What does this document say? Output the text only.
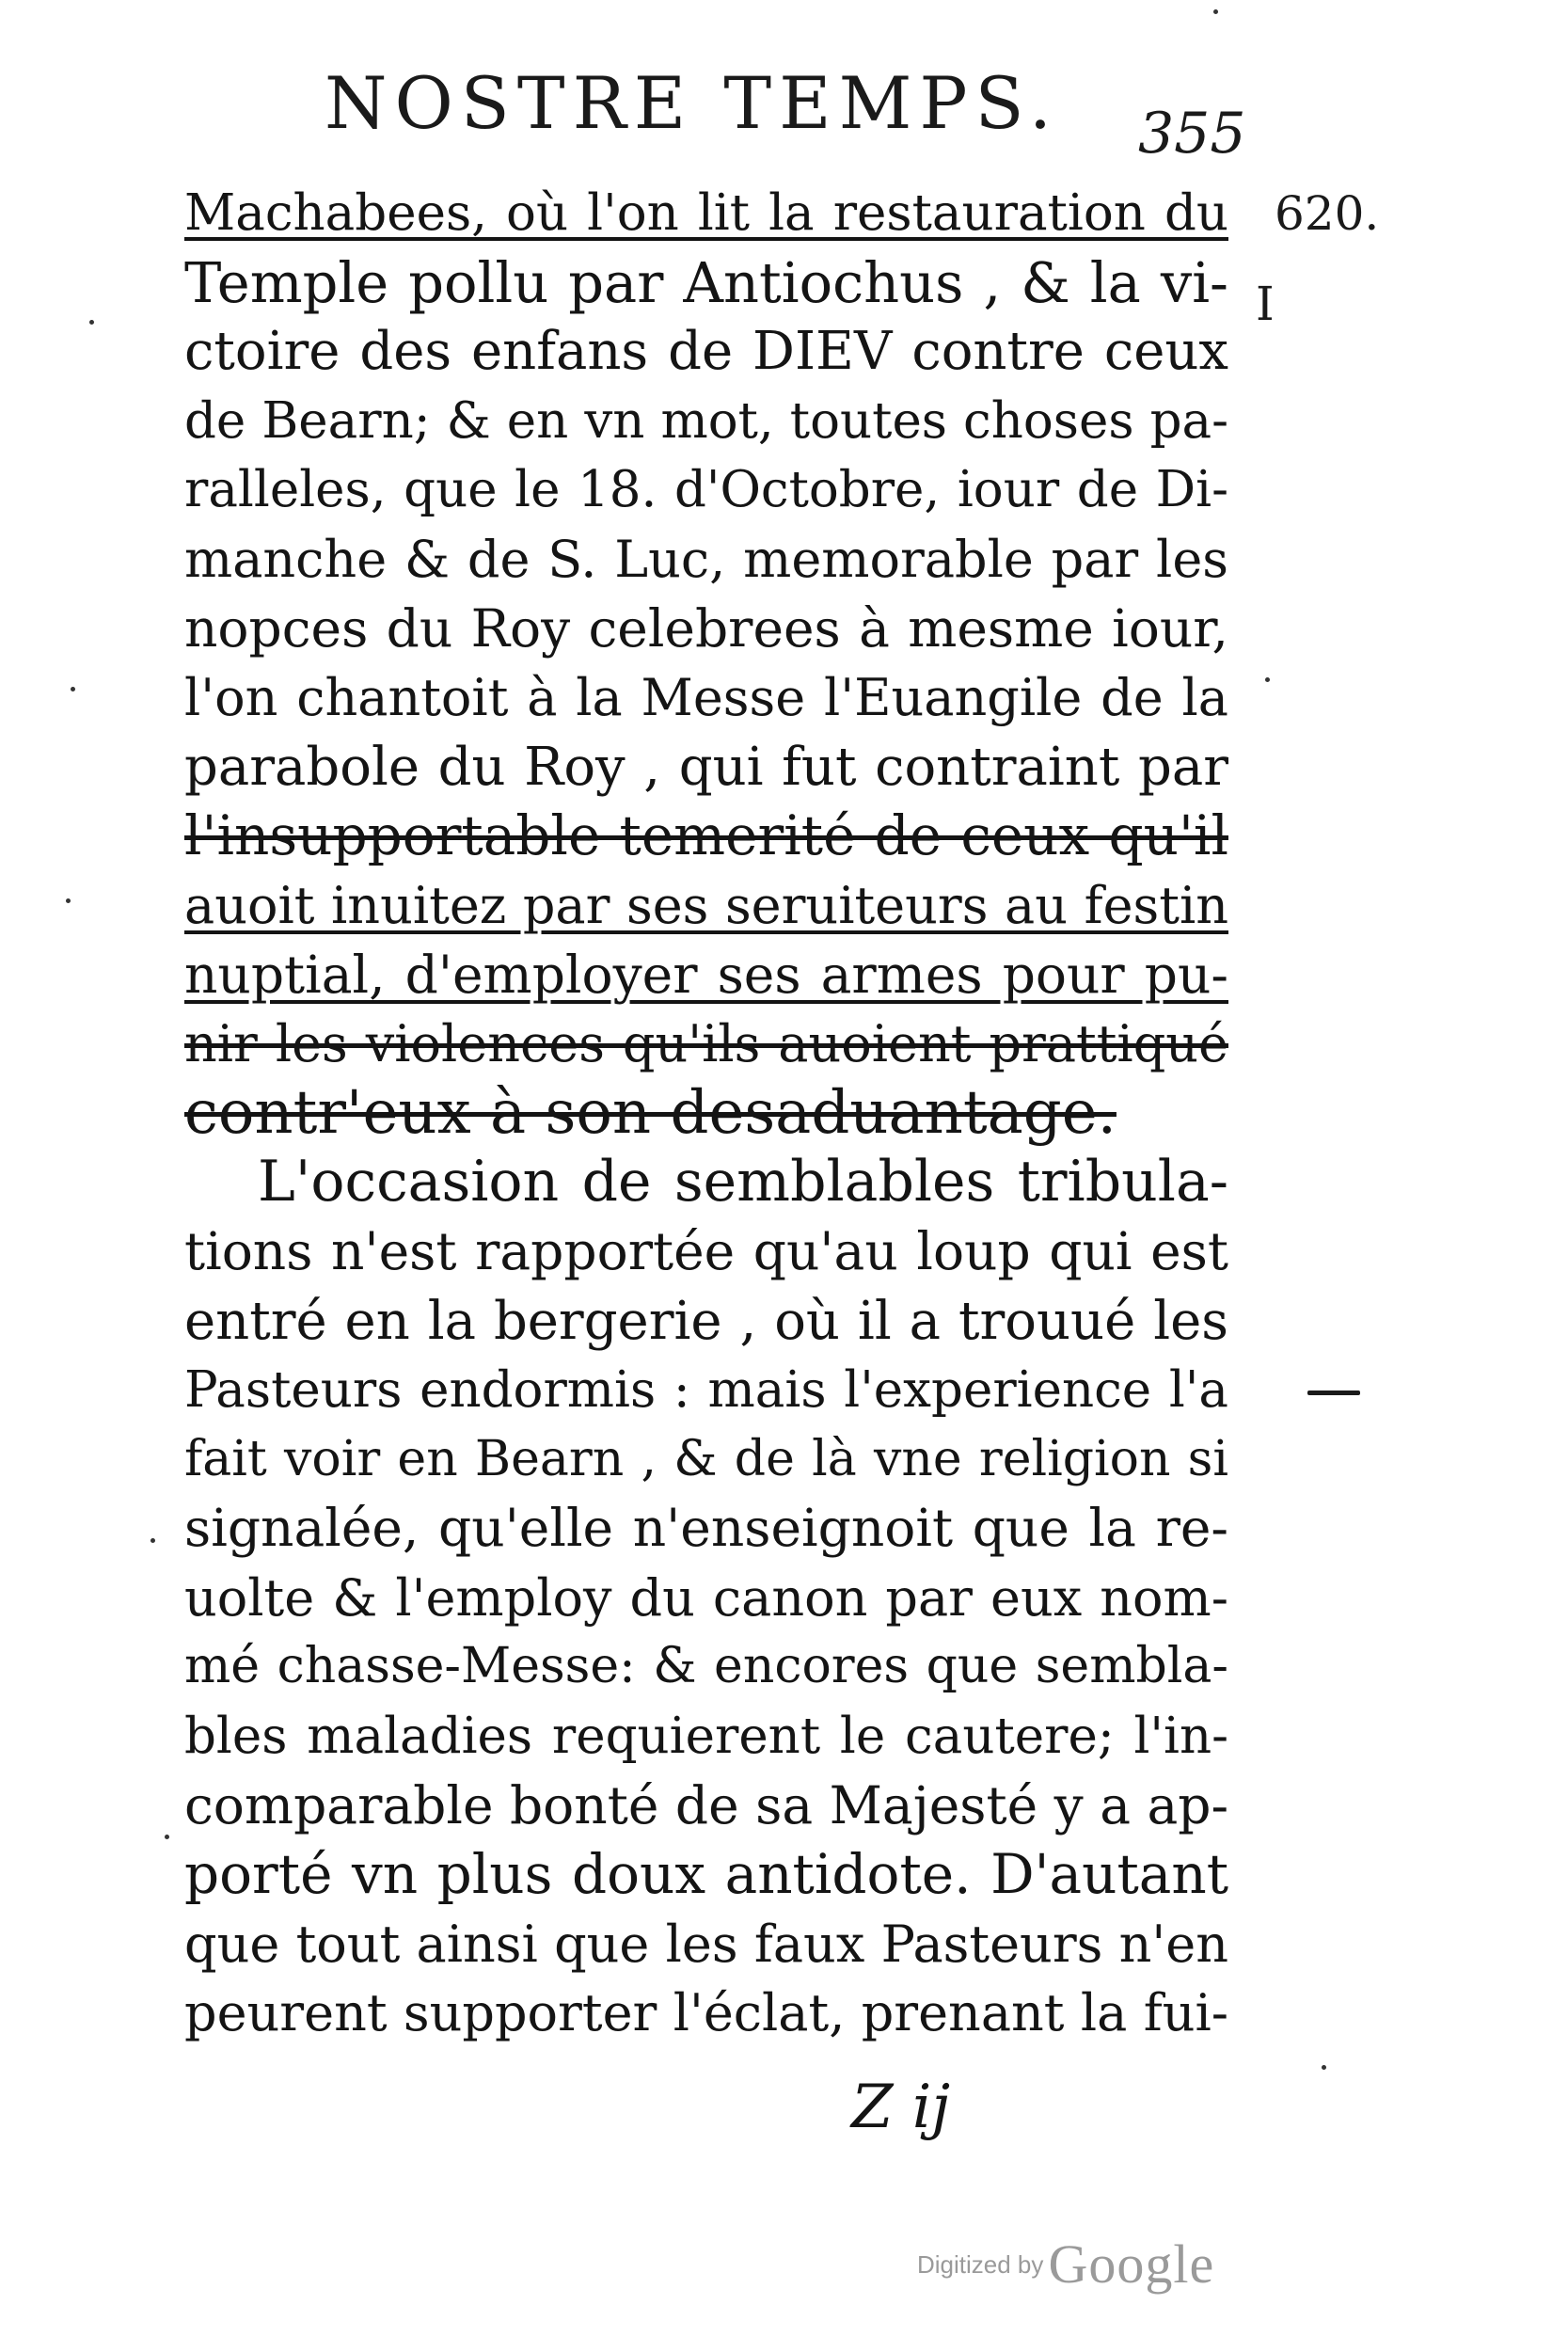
NOSTRE TEMPS. 355
620.
I
Machabees, où l'on lit la restauration du
Temple pollu par Antiochus , & la vi-
ctoire des enfans de DIEV contre ceux
de Bearn; & en vn mot, toutes choses pa-
ralleles, que le 18. d'Octobre, iour de Di-
manche & de S. Luc, memorable par les
nopces du Roy celebrees à mesme iour,
l'on chantoit à la Messe l'Euangile de la
parabole du Roy , qui fut contraint par
l'insupportable temerité de ceux qu'il
auoit inuitez par ses seruiteurs au festin
nuptial, d'employer ses armes pour pu-
nir les violences qu'ils auoient prattiqué
contr'eux à son desaduantage.
L'occasion de semblables tribula-
tions n'est rapportée qu'au loup qui est
entré en la bergerie , où il a trouué les
Pasteurs endormis : mais l'experience l'a
fait voir en Bearn , & de là vne religion si
signalée, qu'elle n'enseignoit que la re-
uolte & l'employ du canon par eux nom-
mé chasse-Messe: & encores que sembla-
bles maladies requierent le cautere; l'in-
comparable bonté de sa Majesté y a ap-
porté vn plus doux antidote. D'autant
que tout ainsi que les faux Pasteurs n'en
peurent supporter l'éclat, prenant la fui-
Z ij
Digitized by Google
